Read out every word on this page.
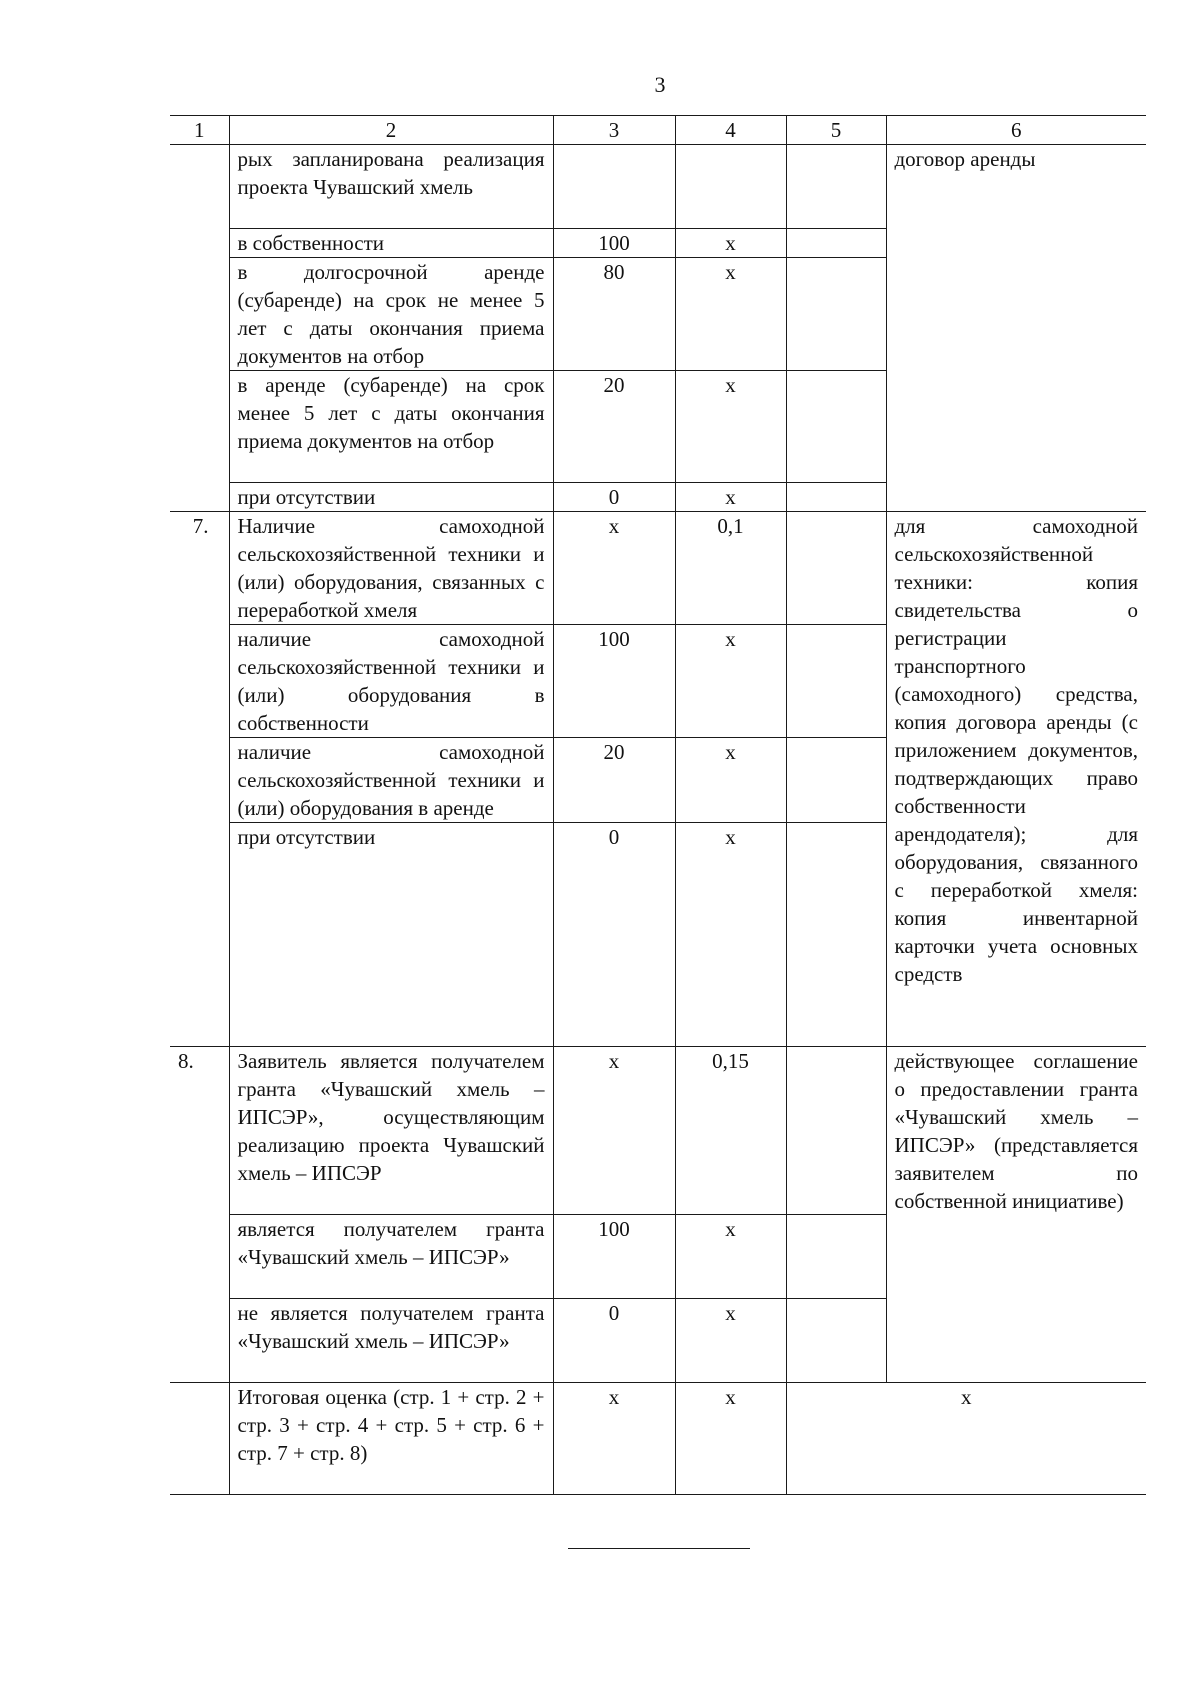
3
1	2	3	4	5	6
	рых запланирована реализация проекта Чувашский хмель				договор аренды
	в собственности	100	х		
	в долгосрочной аренде (субаренде) на срок не менее 5 лет с даты окончания приема документов на отбор	80	х		
	в аренде (субаренде) на срок менее 5 лет с даты окончания приема документов на отбор	20	х		
	при отсутствии	0	х		
7.	Наличие самоходной сельскохозяйственной техники и (или) оборудования, связанных с переработкой хмеля	х	0,1		для самоходной сельскохозяйственной техники: копия свидетельства о регистрации транспортного (самоходного) средства, копия договора аренды (с приложением документов, подтверждающих право собственности арендодателя); для оборудования, связанного с переработкой хмеля: копия инвентарной карточки учета основных средств
	наличие самоходной сельскохозяйственной техники и (или) оборудования в собственности	100	х		
	наличие самоходной сельскохозяйственной техники и (или) оборудования в аренде	20	х		
	при отсутствии	0	х		
8.	Заявитель является получателем гранта «Чувашский хмель – ИПСЭР», осуществляющим реализацию проекта Чувашский хмель – ИПСЭР	х	0,15		действующее соглашение о предоставлении гранта «Чувашский хмель – ИПСЭР» (представляется заявителем по собственной инициативе)
	является получателем гранта «Чувашский хмель – ИПСЭР»	100	х		
	не является получателем гранта «Чувашский хмель – ИПСЭР»	0	х		
	Итоговая оценка (стр. 1 + стр. 2 + стр. 3 + стр. 4 + стр. 5 + стр. 6 + стр. 7 + стр. 8)	х	х	х	
